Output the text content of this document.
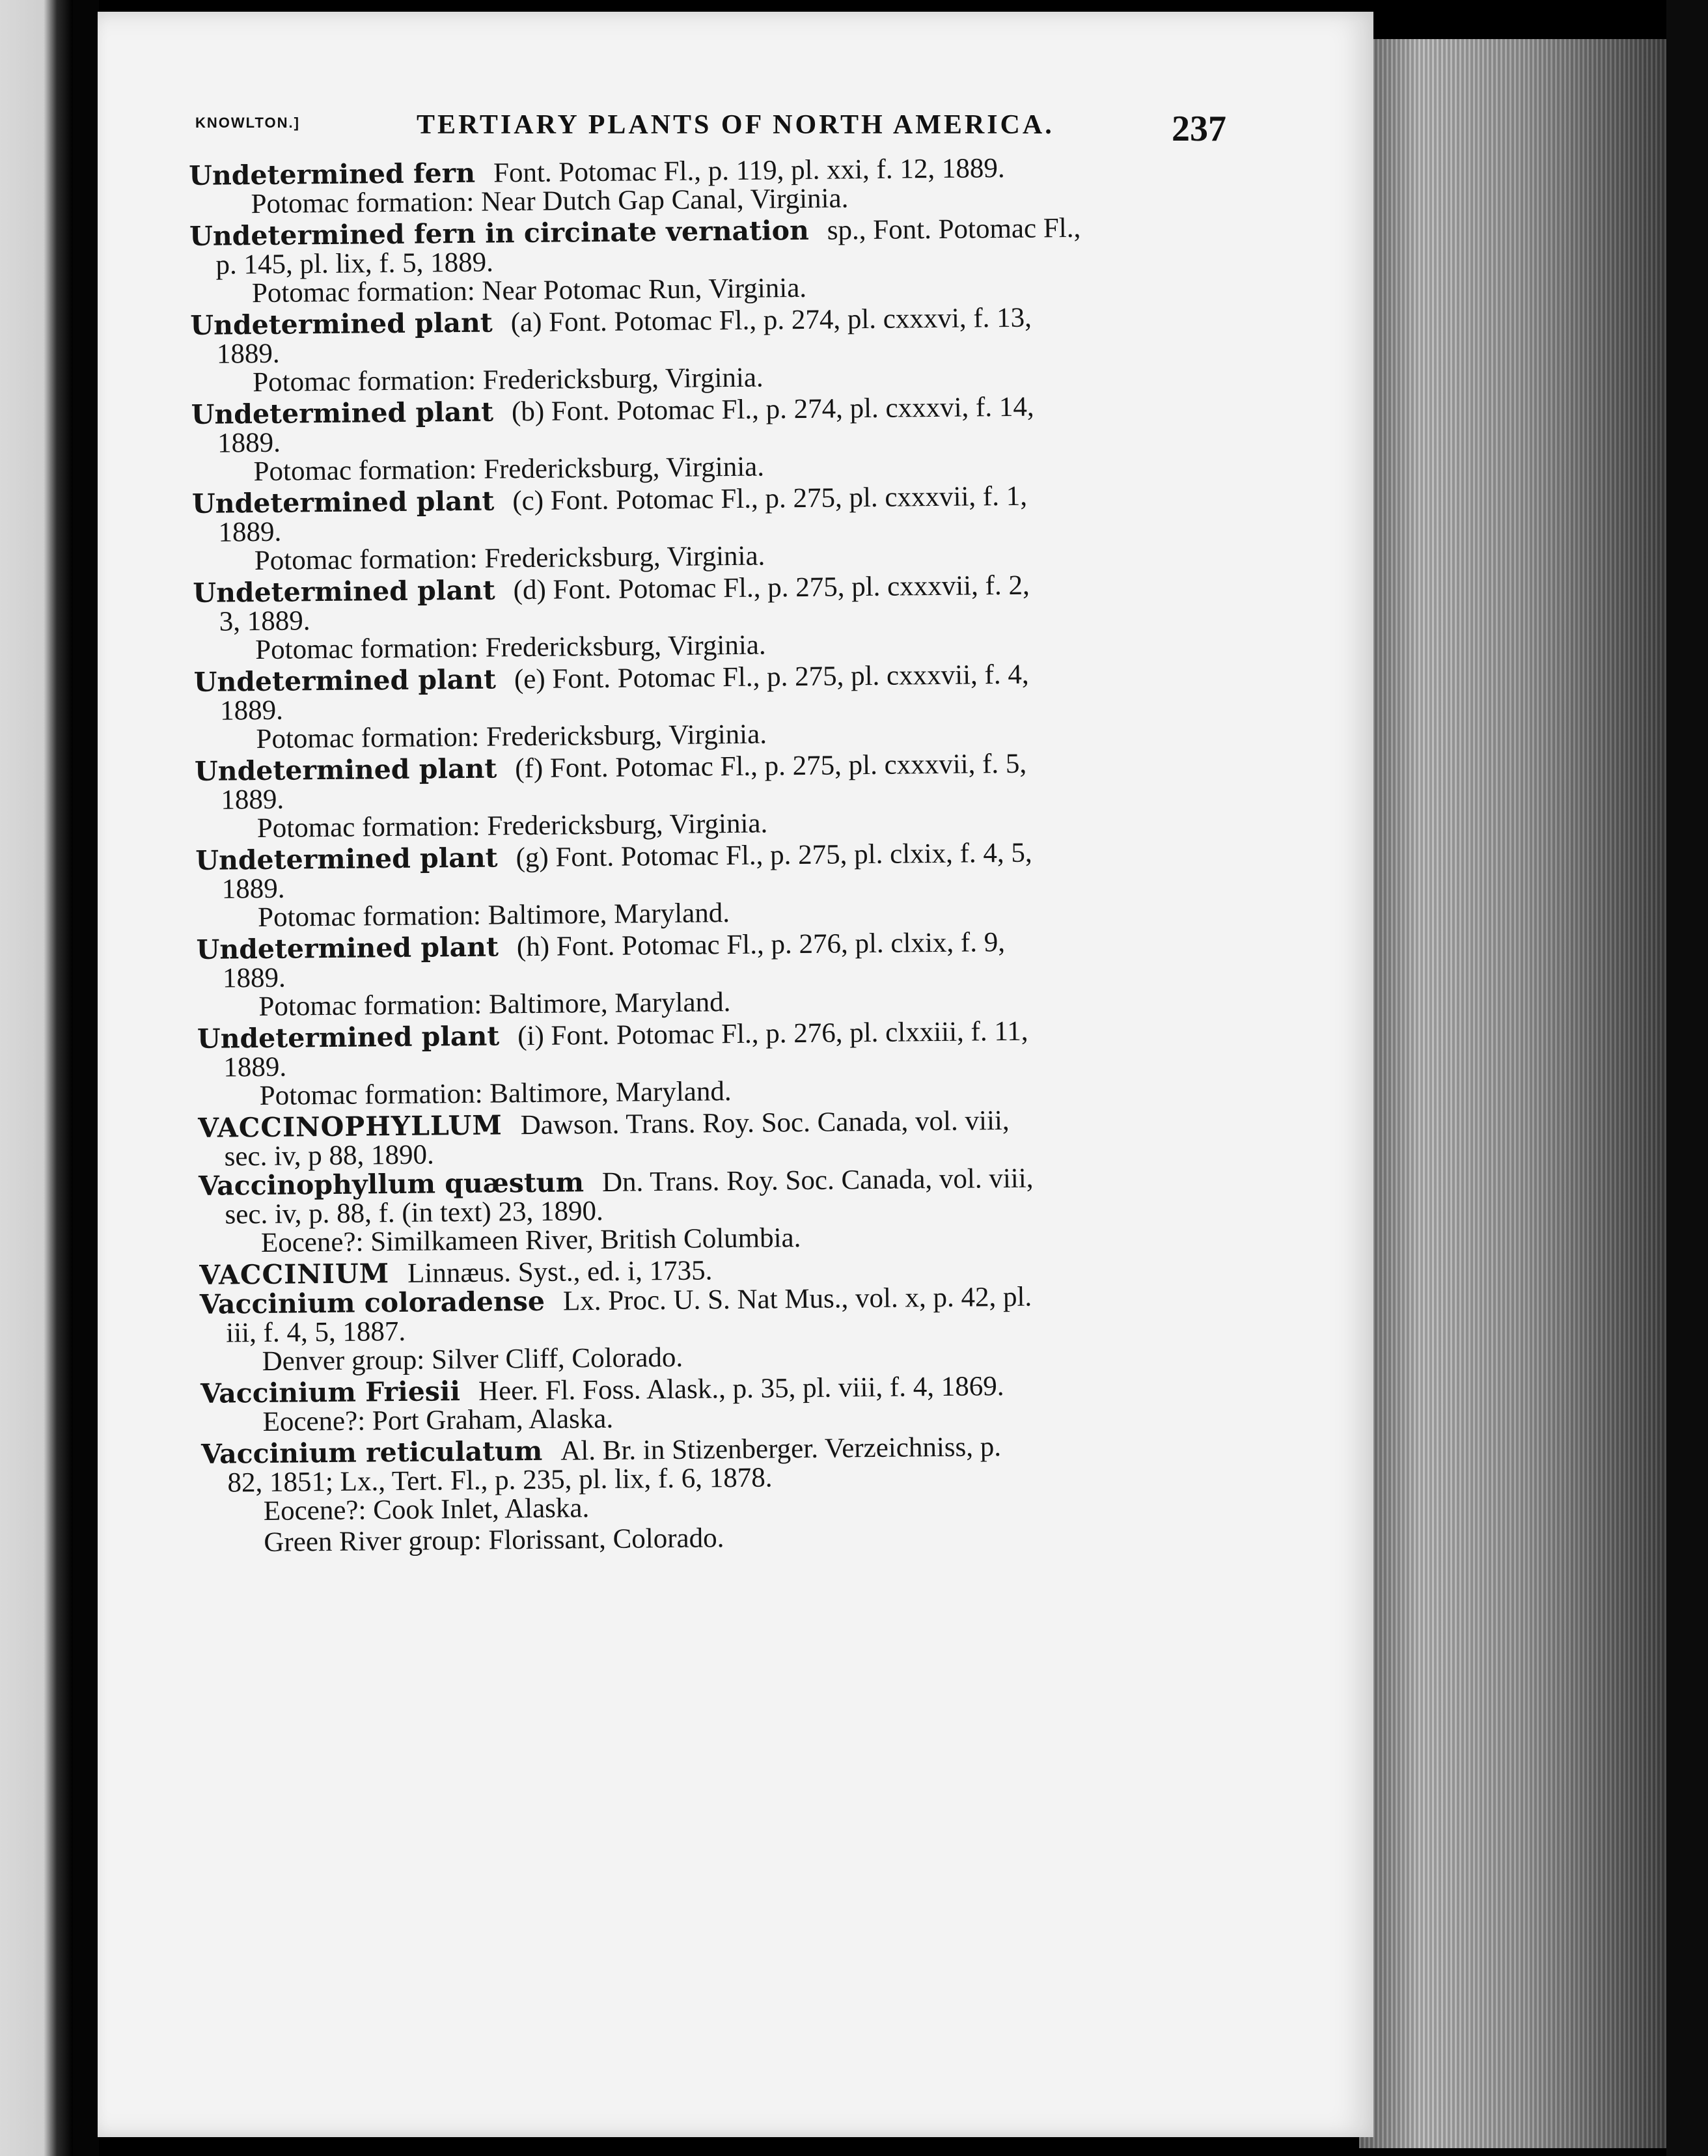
KNOWLTON.]	TERTIARY PLANTS OF NORTH AMERICA.	237

Undetermined fern Font. Potomac Fl., p. 119, pl. xxi, f. 12, 1889.

Potomac formation: Near Dutch Gap Canal, Virginia.

Undetermined fern in circinate vernation sp., Font. Potomac Fl.,

p. 145, pl. lix, f. 5, 1889.

Potomac formation: Near Potomac Run, Virginia.

Undetermined plant (a) Font. Potomac Fl., p. 274, pl. cxxxvi, f. 13,

1889.

Potomac formation: Fredericksburg, Virginia.

Undetermined plant (b) Font. Potomac Fl., p. 274, pl. cxxxvi, f. 14,

1889.

Potomac formation: Fredericksburg, Virginia.

Undetermined plant (c) Font. Potomac Fl., p. 275, pl. cxxxvii, f. 1,

1889.

Potomac formation: Fredericksburg, Virginia.

Undetermined plant (d) Font. Potomac Fl., p. 275, pl. cxxxvii, f. 2,

3, 1889.

Potomac formation: Fredericksburg, Virginia.

Undetermined plant (e) Font. Potomac Fl., p. 275, pl. cxxxvii, f. 4,

1889.

Potomac formation: Fredericksburg, Virginia.

Undetermined plant (f) Font. Potomac Fl., p. 275, pl. cxxxvii, f. 5,

1889.

Potomac formation: Fredericksburg, Virginia.

Undetermined plant (g) Font. Potomac Fl., p. 275, pl. clxix, f. 4, 5,

1889.

Potomac formation: Baltimore, Maryland.

Undetermined plant (h) Font. Potomac Fl., p. 276, pl. clxix, f. 9,

1889.

Potomac formation: Baltimore, Maryland.

Undetermined plant (i) Font. Potomac Fl., p. 276, pl. clxxiii, f. 11,

1889.

Potomac formation: Baltimore, Maryland.

VACCINOPHYLLUM Dawson. Trans. Roy. Soc. Canada, vol. viii,

sec. iv, p 88, 1890.

Vaccinophyllum quæstum Dn. Trans. Roy. Soc. Canada, vol. viii,

sec. iv, p. 88, f. (in text) 23, 1890.

Eocene?: Similkameen River, British Columbia.

VACCINIUM Linnæus. Syst., ed. i, 1735.

Vaccinium coloradense Lx. Proc. U. S. Nat Mus., vol. x, p. 42, pl.

iii, f. 4, 5, 1887.

Denver group: Silver Cliff, Colorado.

Vaccinium Friesii Heer. Fl. Foss. Alask., p. 35, pl. viii, f. 4, 1869.

Eocene?: Port Graham, Alaska.

Vaccinium reticulatum Al. Br. in Stizenberger. Verzeichniss, p.

82, 1851; Lx., Tert. Fl., p. 235, pl. lix, f. 6, 1878.

Eocene?: Cook Inlet, Alaska.

Green River group: Florissant, Colorado.
